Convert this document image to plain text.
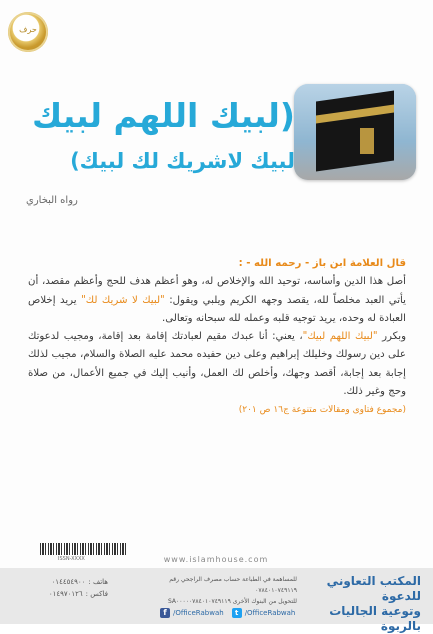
حرف
(لبيك اللهم لبيك
لبيك لاشريك لك لبيك)
رواه البخاري

قال العلامة ابن باز - رحمه الله - :
أصل هذا الدين وأساسه، توحيد الله والإخلاص له، وهو أعظم هدف للحج وأعظم مقصد، أن يأتي العبد مخلصاً لله، يقصد وجهه الكريم ويلبي ويقول: "لبيك لا شريك لك" يريد إخلاص العبادة له وحده، يريد توجيه قلبه وعمله لله سبحانه وتعالى.

وبكرر "لبيك اللهم لبيك"، يعني: أنا عبدك مقيم لعبادتك إقامة بعد إقامة، ومجيب لدعوتك على دين رسولك وخليلك إبراهيم وعلى دين حفيده محمد عليه الصلاة والسلام، مجيب لذلك إجابة بعد إجابة، أقصد وجهك، وأخلص لك العمل، وأنيب إليك في جميع الأعمال، من صلاة وحج وغير ذلك.

(مجموع فتاوى ومقالات متنوعة ج١٦ ص ٢٠١)

ISSN-XXXX	www.islamhouse.com
المكتب التعاوني للدعوة
وتوعية الجاليات بالربوة
للمساهمة في الطباعة حساب مصرف الراجحي رقم ٠٧٨٤٠١٠٧٤٩١١٩
للتحويل من البنوك الأخرى SA٠٠٠٠٠٧٨٤٠١٠٧٤٩١١٩
هاتف :
٠١٤٤٥٤٩٠٠
فاكس :
٠١٤٩٧٠١٢٦
f /OfficeRabwah	t /OfficeRabwah
